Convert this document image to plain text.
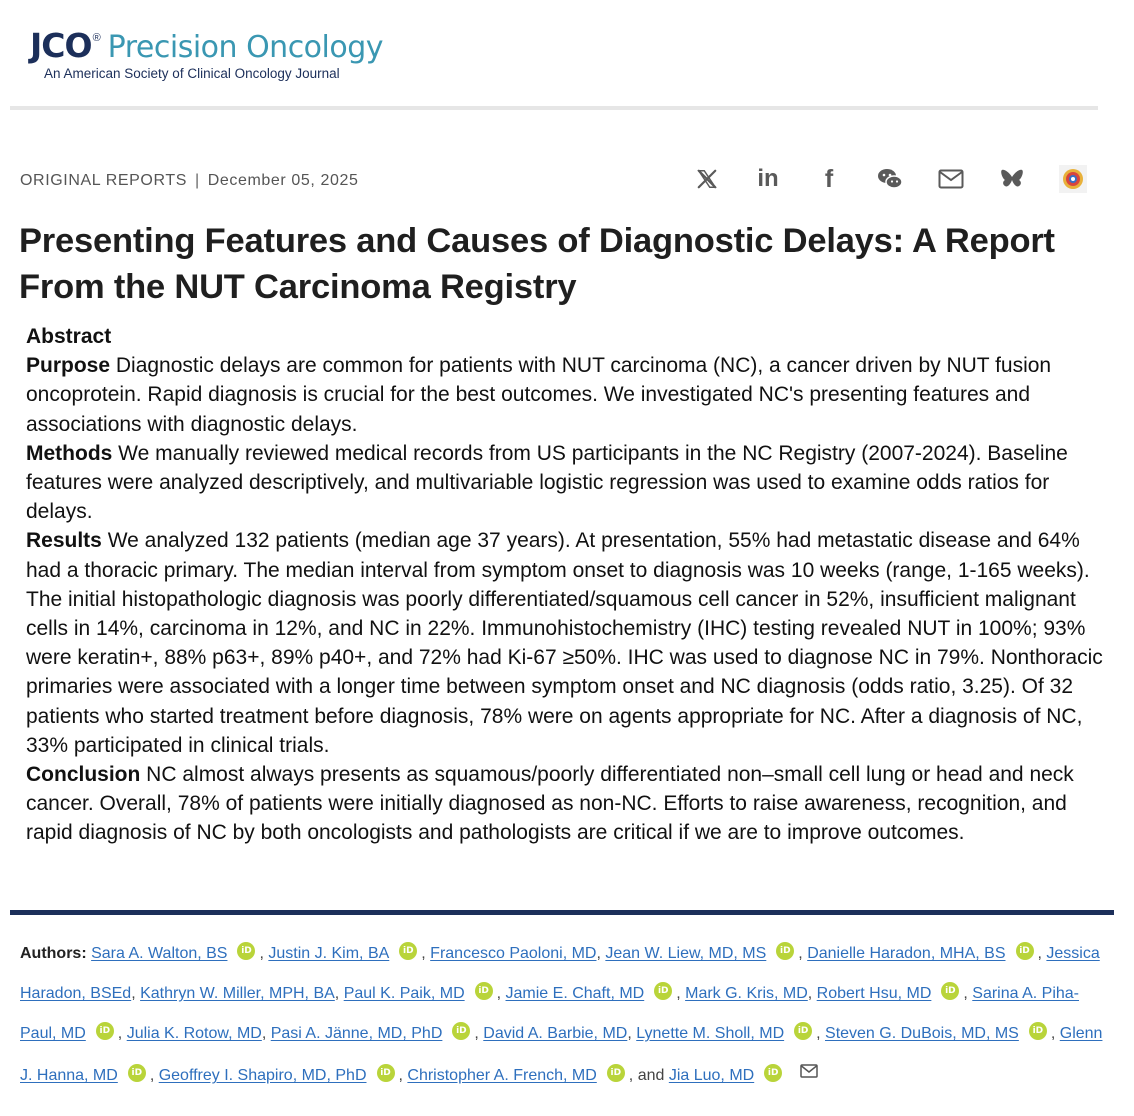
JCO ® Precision Oncology
An American Society of Clinical Oncology Journal
ORIGINAL REPORTS | December 05, 2025	in f
Presenting Features and Causes of Diagnostic Delays: A Report From the NUT Carcinoma Registry
Abstract

Purpose Diagnostic delays are common for patients with NUT carcinoma (NC), a cancer driven by NUT fusion oncoprotein. Rapid diagnosis is crucial for the best outcomes. We investigated NC's presenting features and associations with diagnostic delays.

Methods We manually reviewed medical records from US participants in the NC Registry (2007-2024). Baseline features were analyzed descriptively, and multivariable logistic regression was used to examine odds ratios for delays.

Results We analyzed 132 patients (median age 37 years). At presentation, 55% had metastatic disease and 64% had a thoracic primary. The median interval from symptom onset to diagnosis was 10 weeks (range, 1-165 weeks). The initial histopathologic diagnosis was poorly differentiated/squamous cell cancer in 52%, insufficient malignant cells in 14%, carcinoma in 12%, and NC in 22%. Immunohistochemistry (IHC) testing revealed NUT in 100%; 93% were keratin+, 88% p63+, 89% p40+, and 72% had Ki-67 ≥50%. IHC was used to diagnose NC in 79%. Nonthoracic primaries were associated with a longer time between symptom onset and NC diagnosis (odds ratio, 3.25). Of 32 patients who started treatment before diagnosis, 78% were on agents appropriate for NC. After a diagnosis of NC, 33% participated in clinical trials.

Conclusion NC almost always presents as squamous/poorly differentiated non–small cell lung or head and neck cancer. Overall, 78% of patients were initially diagnosed as non-NC. Efforts to raise awareness, recognition, and rapid diagnosis of NC by both oncologists and pathologists are critical if we are to improve outcomes.

Authors: Sara A. Walton, BS iD , Justin J. Kim, BA iD , Francesco Paoloni, MD, Jean W. Liew, MD, MS iD , Danielle Haradon, MHA, BS iD , Jessica Haradon, BSEd, Kathryn W. Miller, MPH, BA, Paul K. Paik, MD iD , Jamie E. Chaft, MD iD , Mark G. Kris, MD, Robert Hsu, MD iD , Sarina A. Piha-Paul, MD iD , Julia K. Rotow, MD, Pasi A. Jänne, MD, PhD iD , David A. Barbie, MD, Lynette M. Sholl, MD iD , Steven G. DuBois, MD, MS iD , Glenn J. Hanna, MD iD , Geoffrey I. Shapiro, MD, PhD iD , Christopher A. French, MD iD , and Jia Luo, MD iD
